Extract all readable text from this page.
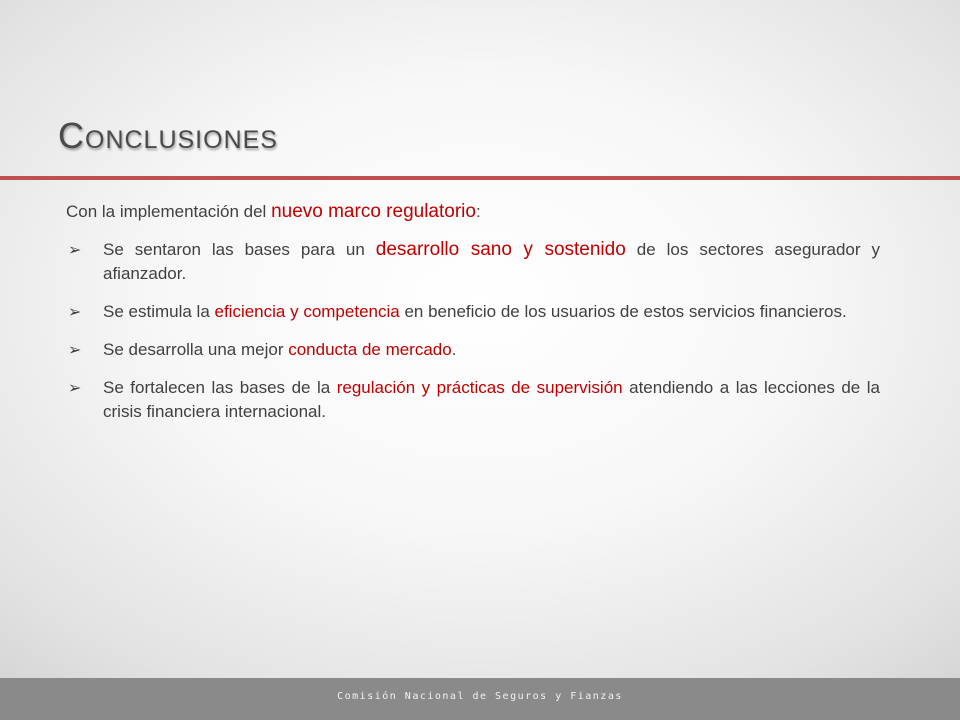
Conclusiones

Con la implementación del nuevo marco regulatorio:

➢ Se sentaron las bases para un desarrollo sano y sostenido de los sectores asegurador y afianzador.
➢ Se estimula la eficiencia y competencia en beneficio de los usuarios de estos servicios financieros.
➢ Se desarrolla una mejor conducta de mercado.
➢ Se fortalecen las bases de la regulación y prácticas de supervisión atendiendo a las lecciones de la crisis financiera internacional.
Comisión Nacional de Seguros y Fianzas
